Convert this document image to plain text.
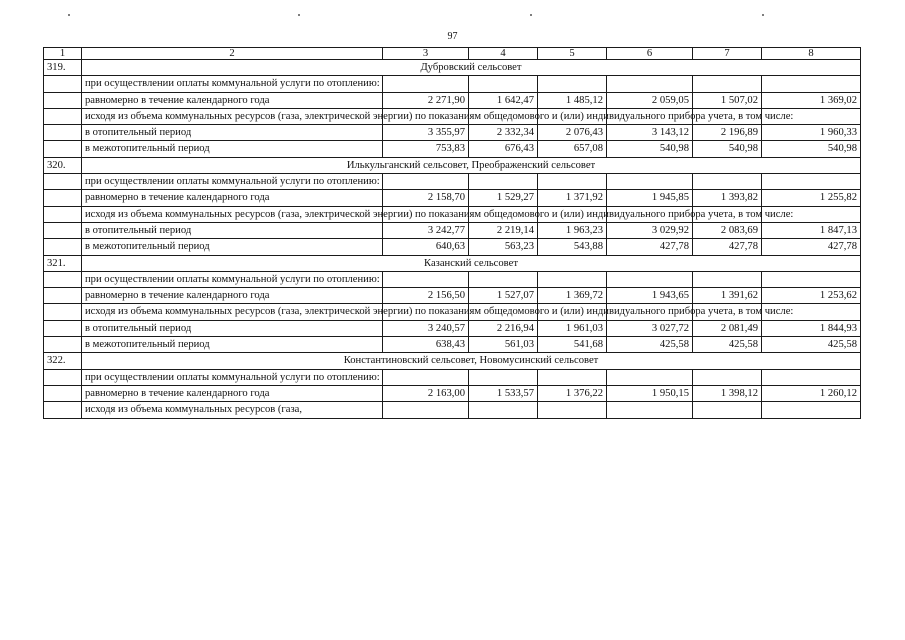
97
1	2	3	4	5	6	7	8
319.	Дубровский сельсовет						
	при осуществлении оплаты коммунальной услуги по отоплению:						
	равномерно в течение календарного года	2 271,90	1 642,47	1 485,12	2 059,05	1 507,02	1 369,02
	исходя из объема коммунальных ресурсов (газа, электрической энергии) по показаниям общедомового и (или) индивидуального прибора учета, в том числе:						
	в отопительный период	3 355,97	2 332,34	2 076,43	3 143,12	2 196,89	1 960,33
	в межотопительный период	753,83	676,43	657,08	540,98	540,98	540,98
320.	Илькульганский сельсовет, Преображенский сельсовет						
	при осуществлении оплаты коммунальной услуги по отоплению:						
	равномерно в течение календарного года	2 158,70	1 529,27	1 371,92	1 945,85	1 393,82	1 255,82
	исходя из объема коммунальных ресурсов (газа, электрической энергии) по показаниям общедомового и (или) индивидуального прибора учета, в том числе:						
	в отопительный период	3 242,77	2 219,14	1 963,23	3 029,92	2 083,69	1 847,13
	в межотопительный период	640,63	563,23	543,88	427,78	427,78	427,78
321.	Казанский сельсовет						
	при осуществлении оплаты коммунальной услуги по отоплению:						
	равномерно в течение календарного года	2 156,50	1 527,07	1 369,72	1 943,65	1 391,62	1 253,62
	исходя из объема коммунальных ресурсов (газа, электрической энергии) по показаниям общедомового и (или) индивидуального прибора учета, в том числе:						
	в отопительный период	3 240,57	2 216,94	1 961,03	3 027,72	2 081,49	1 844,93
	в межотопительный период	638,43	561,03	541,68	425,58	425,58	425,58
322.	Константиновский сельсовет, Новомусинский сельсовет						
	при осуществлении оплаты коммунальной услуги по отоплению:						
	равномерно в течение календарного года	2 163,00	1 533,57	1 376,22	1 950,15	1 398,12	1 260,12
	исходя из объема коммунальных ресурсов (газа,						
